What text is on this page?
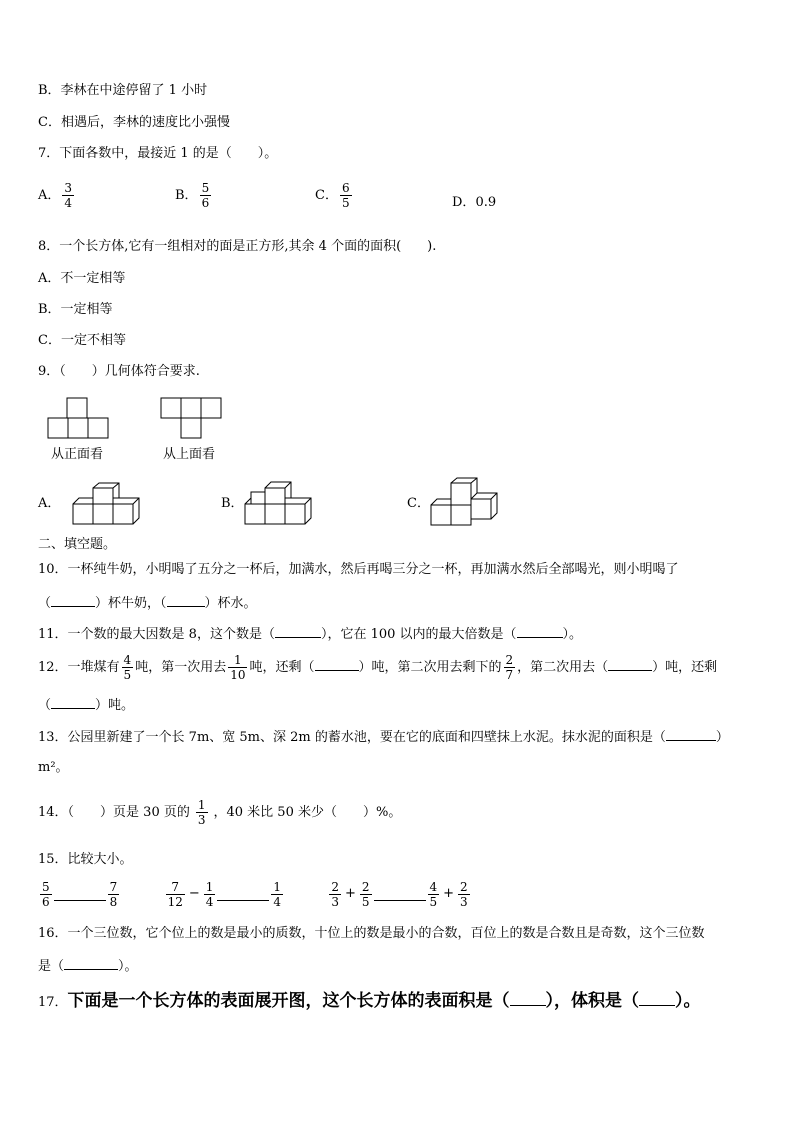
B．李林在中途停留了 1 小时
C．相遇后，李林的速度比小强慢
7．下面各数中，最接近 1 的是（　　）。
A． $\frac{3}{4}$	B． $\frac{5}{6}$	C． $\frac{6}{5}$	D．0.9
8．一个长方体,它有一组相对的面是正方形,其余 4 个面的面积(　　).
A．不一定相等
B．一定相等
C．一定不相等
9．（　　）几何体符合要求.
从正面看	从上面看
A．	B．	C．
二、填空题。
10．一杯纯牛奶，小明喝了五分之一杯后，加满水，然后再喝三分之一杯，再加满水然后全部喝光，则小明喝了
（	）杯牛奶，（	）杯水。
11．一个数的最大因数是 8，这个数是（	），它在 100 以内的最大倍数是（	）。
12．一堆煤有 $\frac{4}{5}$ 吨，第一次用去 $\frac{1}{10}$ 吨，还剩（	）吨，第二次用去剩下的 $\frac{2}{7}$ ，第二次用去（	）吨，还剩
（	）吨。
13．公园里新建了一个长 7m、宽 5m、深 2m 的蓄水池，要在它的底面和四壁抹上水泥。抹水泥的面积是（	）
m²。
14．（　　）页是 30 页的 $\frac{1}{3}$ ，40 米比 50 米少（　　）%。
15．比较大小。
$\frac{5}{6}$	$\frac{7}{8}$
	$\frac{7}{12} - \frac{1}{4}$	$\frac{1}{4}$
	$\frac{2}{3} + \frac{2}{5}$	$\frac{4}{5} + \frac{2}{3}$
16．一个三位数，它个位上的数是最小的质数，十位上的数是最小的合数，百位上的数是合数且是奇数，这个三位数
是（	）。
17．下面是一个长方体的表面展开图，这个长方体的表面积是（ ），体积是（ ）。
